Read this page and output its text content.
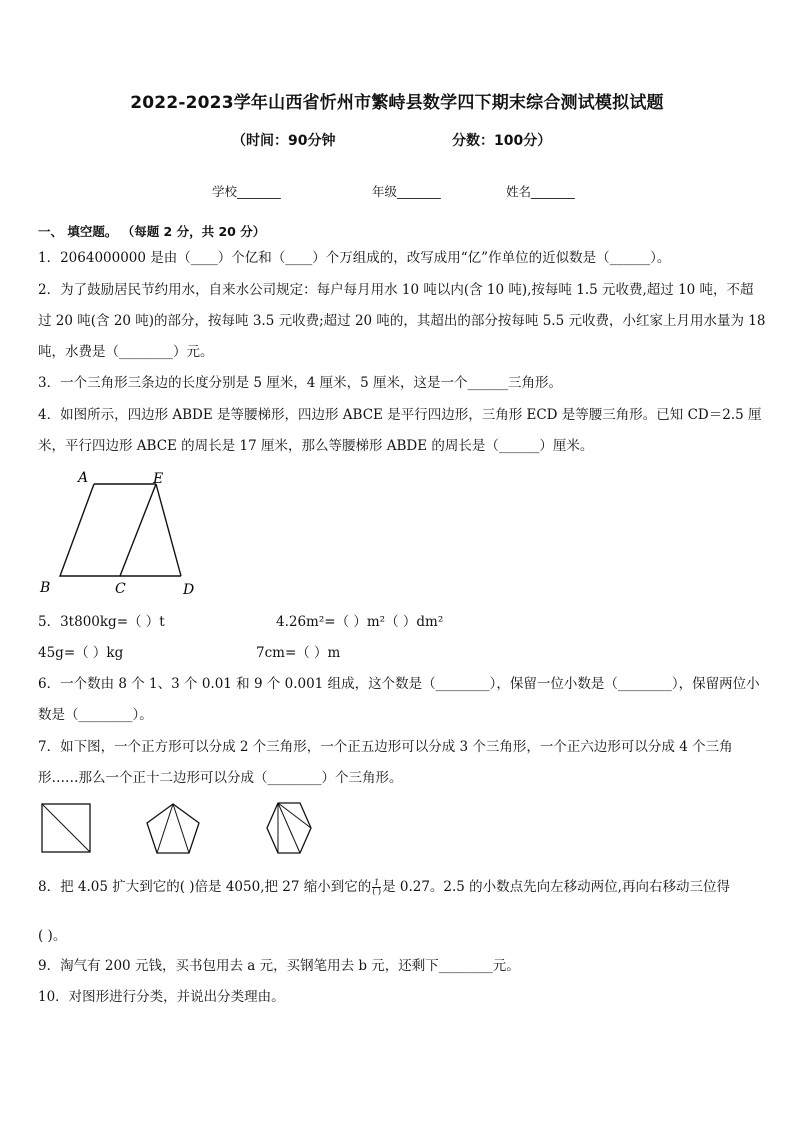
2022-2023学年山西省忻州市繁峙县数学四下期末综合测试模拟试题
（时间：90分钟	分数：100分）
学校_______	年级_______	姓名_______
一、 填空题。 （每题 2 分，共 20 分）
1．2064000000 是由（____）个亿和（____）个万组成的，改写成用“亿”作单位的近似数是（______）。
2．为了鼓励居民节约用水，自来水公司规定：每户每月用水 10 吨以内(含 10 吨),按每吨 1.5 元收费,超过 10 吨，不超
过 20 吨(含 20 吨)的部分，按每吨 3.5 元收费;超过 20 吨的，其超出的部分按每吨 5.5 元收费，小红家上月用水量为 18
吨，水费是（________）元。
3．一个三角形三条边的长度分别是 5 厘米，4 厘米，5 厘米，这是一个______三角形。
4．如图所示，四边形 ABDE 是等腰梯形，四边形 ABCE 是平行四边形，三角形 ECD 是等腰三角形。已知 CD＝2.5 厘
米，平行四边形 ABCE 的周长是 17 厘米，那么等腰梯形 ABDE 的周长是（______）厘米。
A	E
B	C	D
5．3t800kg=（ ）t	4.26m²=（ ）m²（ ）dm²
45g=（ ）kg	7cm=（ ）m
6．一个数由 8 个 1、3 个 0.01 和 9 个 0.001 组成，这个数是（________），保留一位小数是（________），保留两位小
数是（________）。
7．如下图，一个正方形可以分成 2 个三角形，一个正五边形可以分成 3 个三角形，一个正六边形可以分成 4 个三角
形……那么一个正十二边形可以分成（________）个三角形。
8．把 4.05 扩大到它的( )倍是 4050,把 27 缩小到它的 $\frac{1}{( )}$ 是 0.27。2.5 的小数点先向左移动两位,再向右移动三位得
( )。
9．淘气有 200 元钱，买书包用去 a 元，买钢笔用去 b 元，还剩下________元。
10．对图形进行分类，并说出分类理由。
